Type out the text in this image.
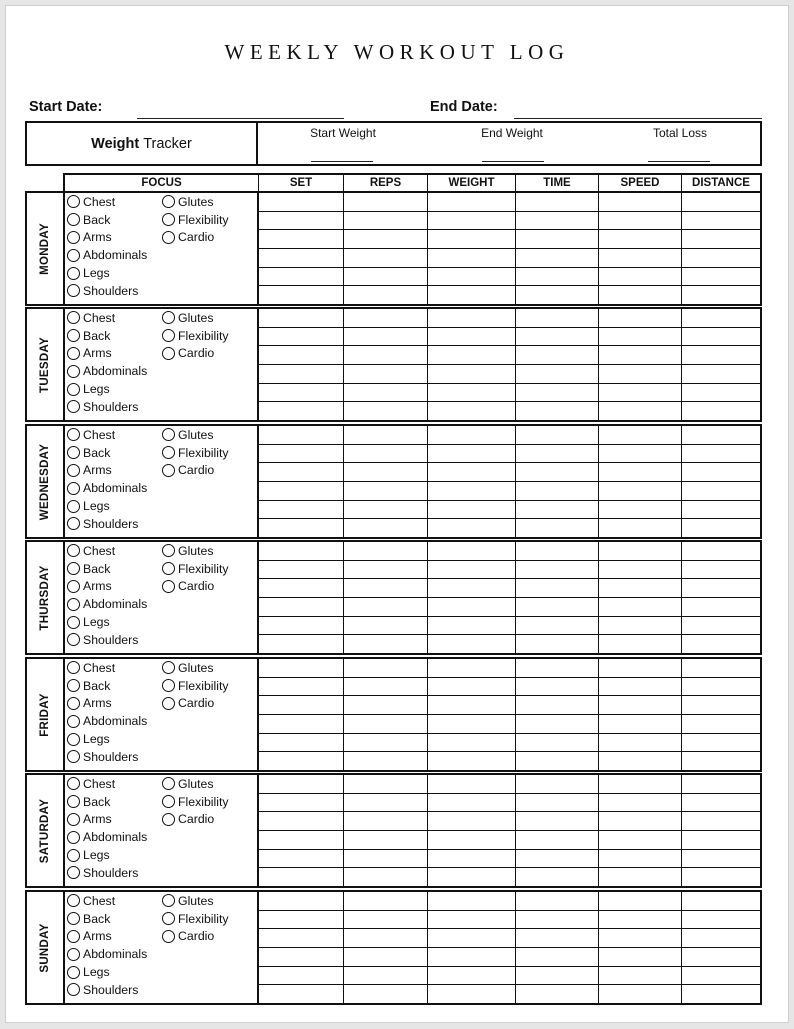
WEEKLY WORKOUT LOG
Start Date:	End Date:
Weight Tracker
Start Weight	End Weight	Total Loss
FOCUS	SET	REPS	WEIGHT	TIME	SPEED	DISTANCE
MONDAY
Chest
Back
Arms
Abdominals
Legs
Shoulders
Glutes
Flexibility
Cardio
TUESDAY
Chest
Back
Arms
Abdominals
Legs
Shoulders
Glutes
Flexibility
Cardio
WEDNESDAY
Chest
Back
Arms
Abdominals
Legs
Shoulders
Glutes
Flexibility
Cardio
THURSDAY
Chest
Back
Arms
Abdominals
Legs
Shoulders
Glutes
Flexibility
Cardio
FRIDAY
Chest
Back
Arms
Abdominals
Legs
Shoulders
Glutes
Flexibility
Cardio
SATURDAY
Chest
Back
Arms
Abdominals
Legs
Shoulders
Glutes
Flexibility
Cardio
SUNDAY
Chest
Back
Arms
Abdominals
Legs
Shoulders
Glutes
Flexibility
Cardio
